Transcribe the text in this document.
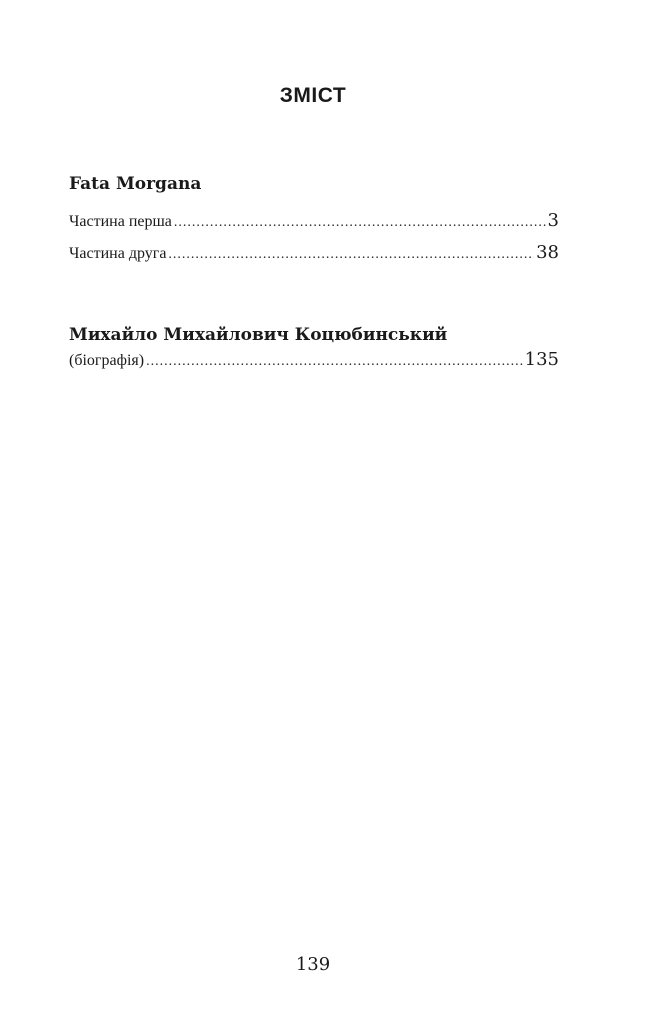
ЗМІСТ
Fata Morgana
Частина перша .....	3
Частина друга .....	38
Михайло Михайлович Коцюбинський
(біографія) .....	135
139
